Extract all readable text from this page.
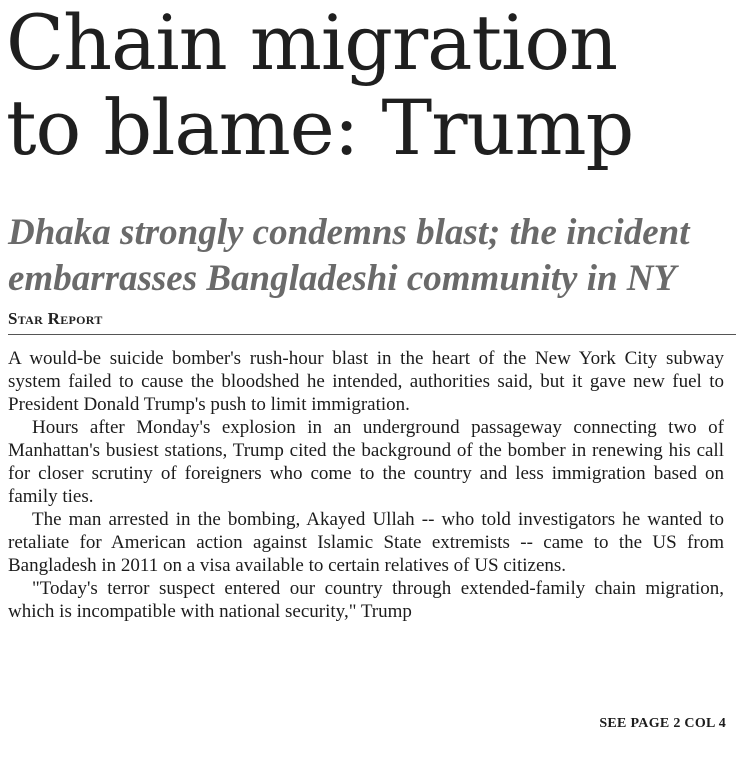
Chain migration
to blame: Trump
Dhaka strongly condemns blast; the incident
embarrasses Bangladeshi community in NY
Star Report

A would-be suicide bomber's rush-hour blast in the heart of the New York City subway system failed to cause the bloodshed he intended, authorities said, but it gave new fuel to President Donald Trump's push to limit immigration.

Hours after Monday's explosion in an underground passageway connecting two of Manhattan's busiest stations, Trump cited the background of the bomber in renewing his call for closer scrutiny of foreigners who come to the country and less immigration based on family ties.

The man arrested in the bombing, Akayed Ullah -- who told investigators he wanted to retaliate for American action against Islamic State extremists -- came to the US from Bangladesh in 2011 on a visa available to certain relatives of US citizens.

"Today's terror suspect entered our country through extended-family chain migration, which is incompatible with national security," Trump

SEE PAGE 2 COL 4
